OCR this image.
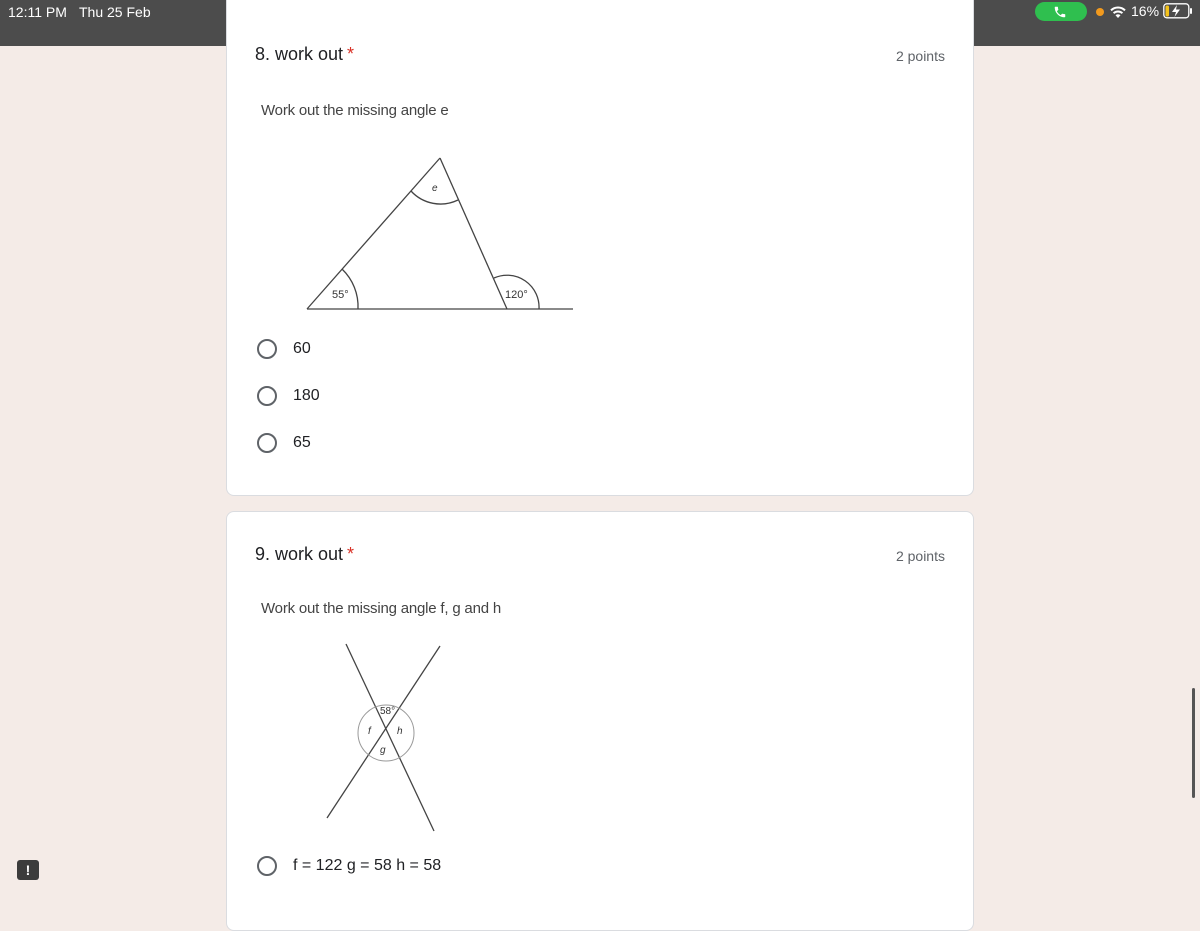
12:11 PM Thu 25 Feb	16%
8. work out *	2 points
Work out the missing angle e
e
55°	120°
60
180
65
9. work out *	2 points
Work out the missing angle f, g and h
58°
f	h
g
f = 122 g = 58 h = 58
!
